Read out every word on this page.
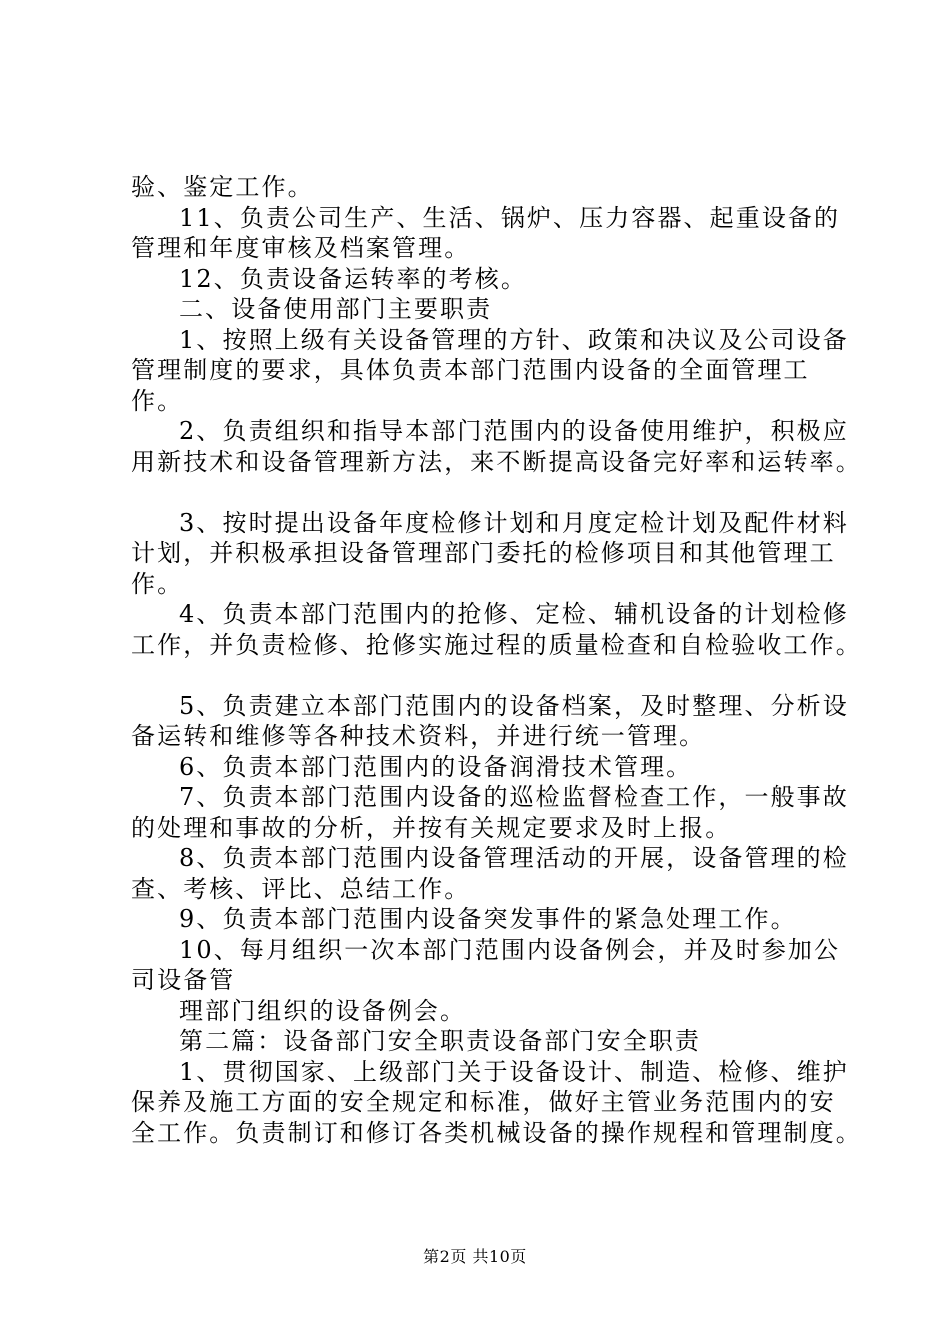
验、鉴定工作。

11、负责公司生产、生活、锅炉、压力容器、起重设备的

管理和年度审核及档案管理。

12、负责设备运转率的考核。

二、设备使用部门主要职责

1、按照上级有关设备管理的方针、政策和决议及公司设备

管理制度的要求，具体负责本部门范围内设备的全面管理工

作。

2、负责组织和指导本部门范围内的设备使用维护，积极应

用新技术和设备管理新方法，来不断提高设备完好率和运转率。

3、按时提出设备年度检修计划和月度定检计划及配件材料

计划，并积极承担设备管理部门委托的检修项目和其他管理工

作。

4、负责本部门范围内的抢修、定检、辅机设备的计划检修

工作，并负责检修、抢修实施过程的质量检查和自检验收工作。

5、负责建立本部门范围内的设备档案，及时整理、分析设

备运转和维修等各种技术资料，并进行统一管理。

6、负责本部门范围内的设备润滑技术管理。

7、负责本部门范围内设备的巡检监督检查工作，一般事故

的处理和事故的分析，并按有关规定要求及时上报。

8、负责本部门范围内设备管理活动的开展，设备管理的检

查、考核、评比、总结工作。

9、负责本部门范围内设备突发事件的紧急处理工作。

10、每月组织一次本部门范围内设备例会，并及时参加公

司设备管

理部门组织的设备例会。

第二篇：设备部门安全职责设备部门安全职责

1、贯彻国家、上级部门关于设备设计、制造、检修、维护

保养及施工方面的安全规定和标准，做好主管业务范围内的安

全工作。负责制订和修订各类机械设备的操作规程和管理制度。

第2页 共10页
